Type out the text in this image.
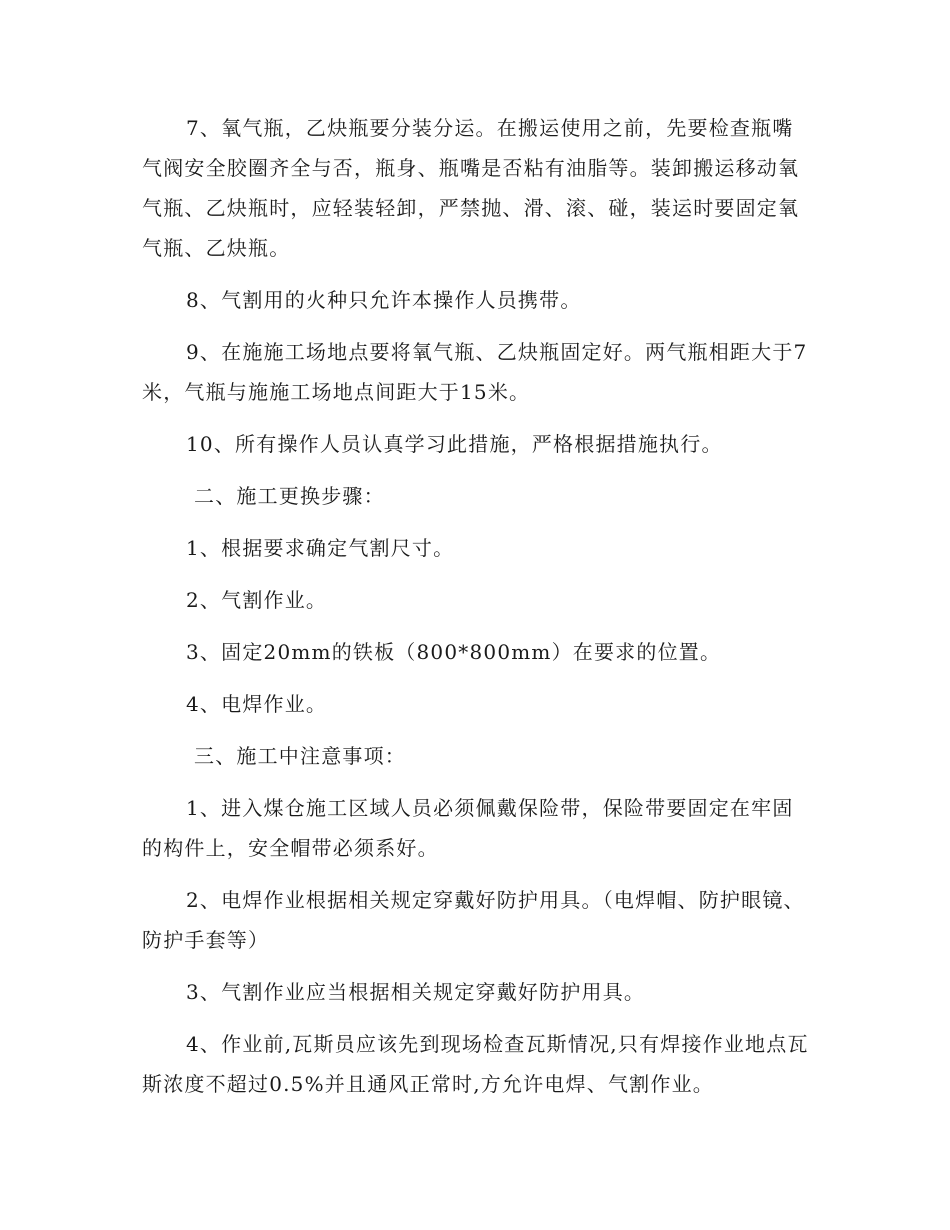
7、氧气瓶，乙炔瓶要分装分运。在搬运使用之前，先要检查瓶嘴气阀安全胶圈齐全与否，瓶身、瓶嘴是否粘有油脂等。装卸搬运移动氧气瓶、乙炔瓶时，应轻装轻卸，严禁抛、滑、滚、碰，装运时要固定氧气瓶、乙炔瓶。

8、气割用的火种只允许本操作人员携带。

9、在施施工场地点要将氧气瓶、乙炔瓶固定好。两气瓶相距大于7米，气瓶与施施工场地点间距大于15米。

10、所有操作人员认真学习此措施，严格根据措施执行。

二、施工更换步骤：

1、根据要求确定气割尺寸。

2、气割作业。

3、固定20mm的铁板（800*800mm）在要求的位置。

4、电焊作业。

三、施工中注意事项：

1、进入煤仓施工区域人员必须佩戴保险带，保险带要固定在牢固的构件上，安全帽带必须系好。

2、电焊作业根据相关规定穿戴好防护用具。（电焊帽、防护眼镜、防护手套等）

3、气割作业应当根据相关规定穿戴好防护用具。

4、作业前,瓦斯员应该先到现场检查瓦斯情况,只有焊接作业地点瓦斯浓度不超过0.5%并且通风正常时,方允许电焊、气割作业。
